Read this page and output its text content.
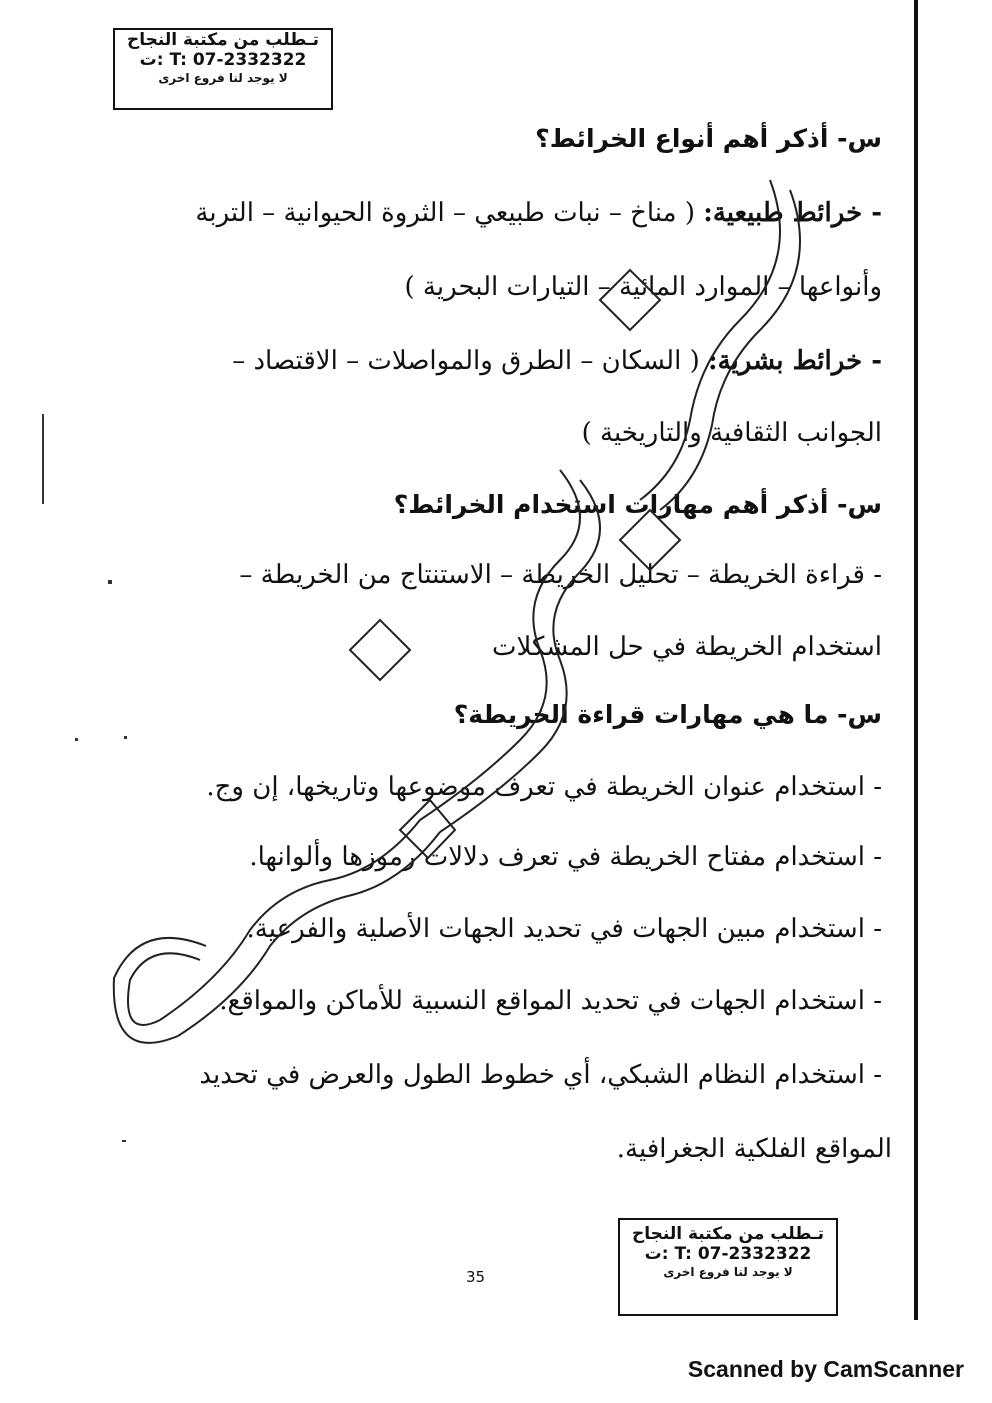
تـطلب من مكتبة النجاح
ت: T: 07-2332322
لا يوجد لنا فروع اخرى
س- أذكر أهم أنواع الخرائط؟
- خرائط طبيعية: ( مناخ – نبات طبيعي – الثروة الحيوانية – التربة
وأنواعها – الموارد المائية – التيارات البحرية )
- خرائط بشرية: ( السكان – الطرق والمواصلات – الاقتصاد –
الجوانب الثقافية والتاريخية )
س- أذكر أهم مهارات استخدام الخرائط؟
- قراءة الخريطة – تحليل الخريطة – الاستنتاج من الخريطة –
استخدام الخريطة في حل المشكلات
س- ما هي مهارات قراءة الخريطة؟
- استخدام عنوان الخريطة في تعرف موضوعها وتاريخها، إن وج.
- استخدام مفتاح الخريطة في تعرف دلالات رموزها وألوانها.
- استخدام مبين الجهات في تحديد الجهات الأصلية والفرعية.
- استخدام الجهات في تحديد المواقع النسبية للأماكن والمواقع.
- استخدام النظام الشبكي، أي خطوط الطول والعرض في تحديد
المواقع الفلكية الجغرافية.
تـطلب من مكتبة النجاح
ت: T: 07-2332322
لا يوجد لنا فروع اخرى
35
Scanned by CamScanner
